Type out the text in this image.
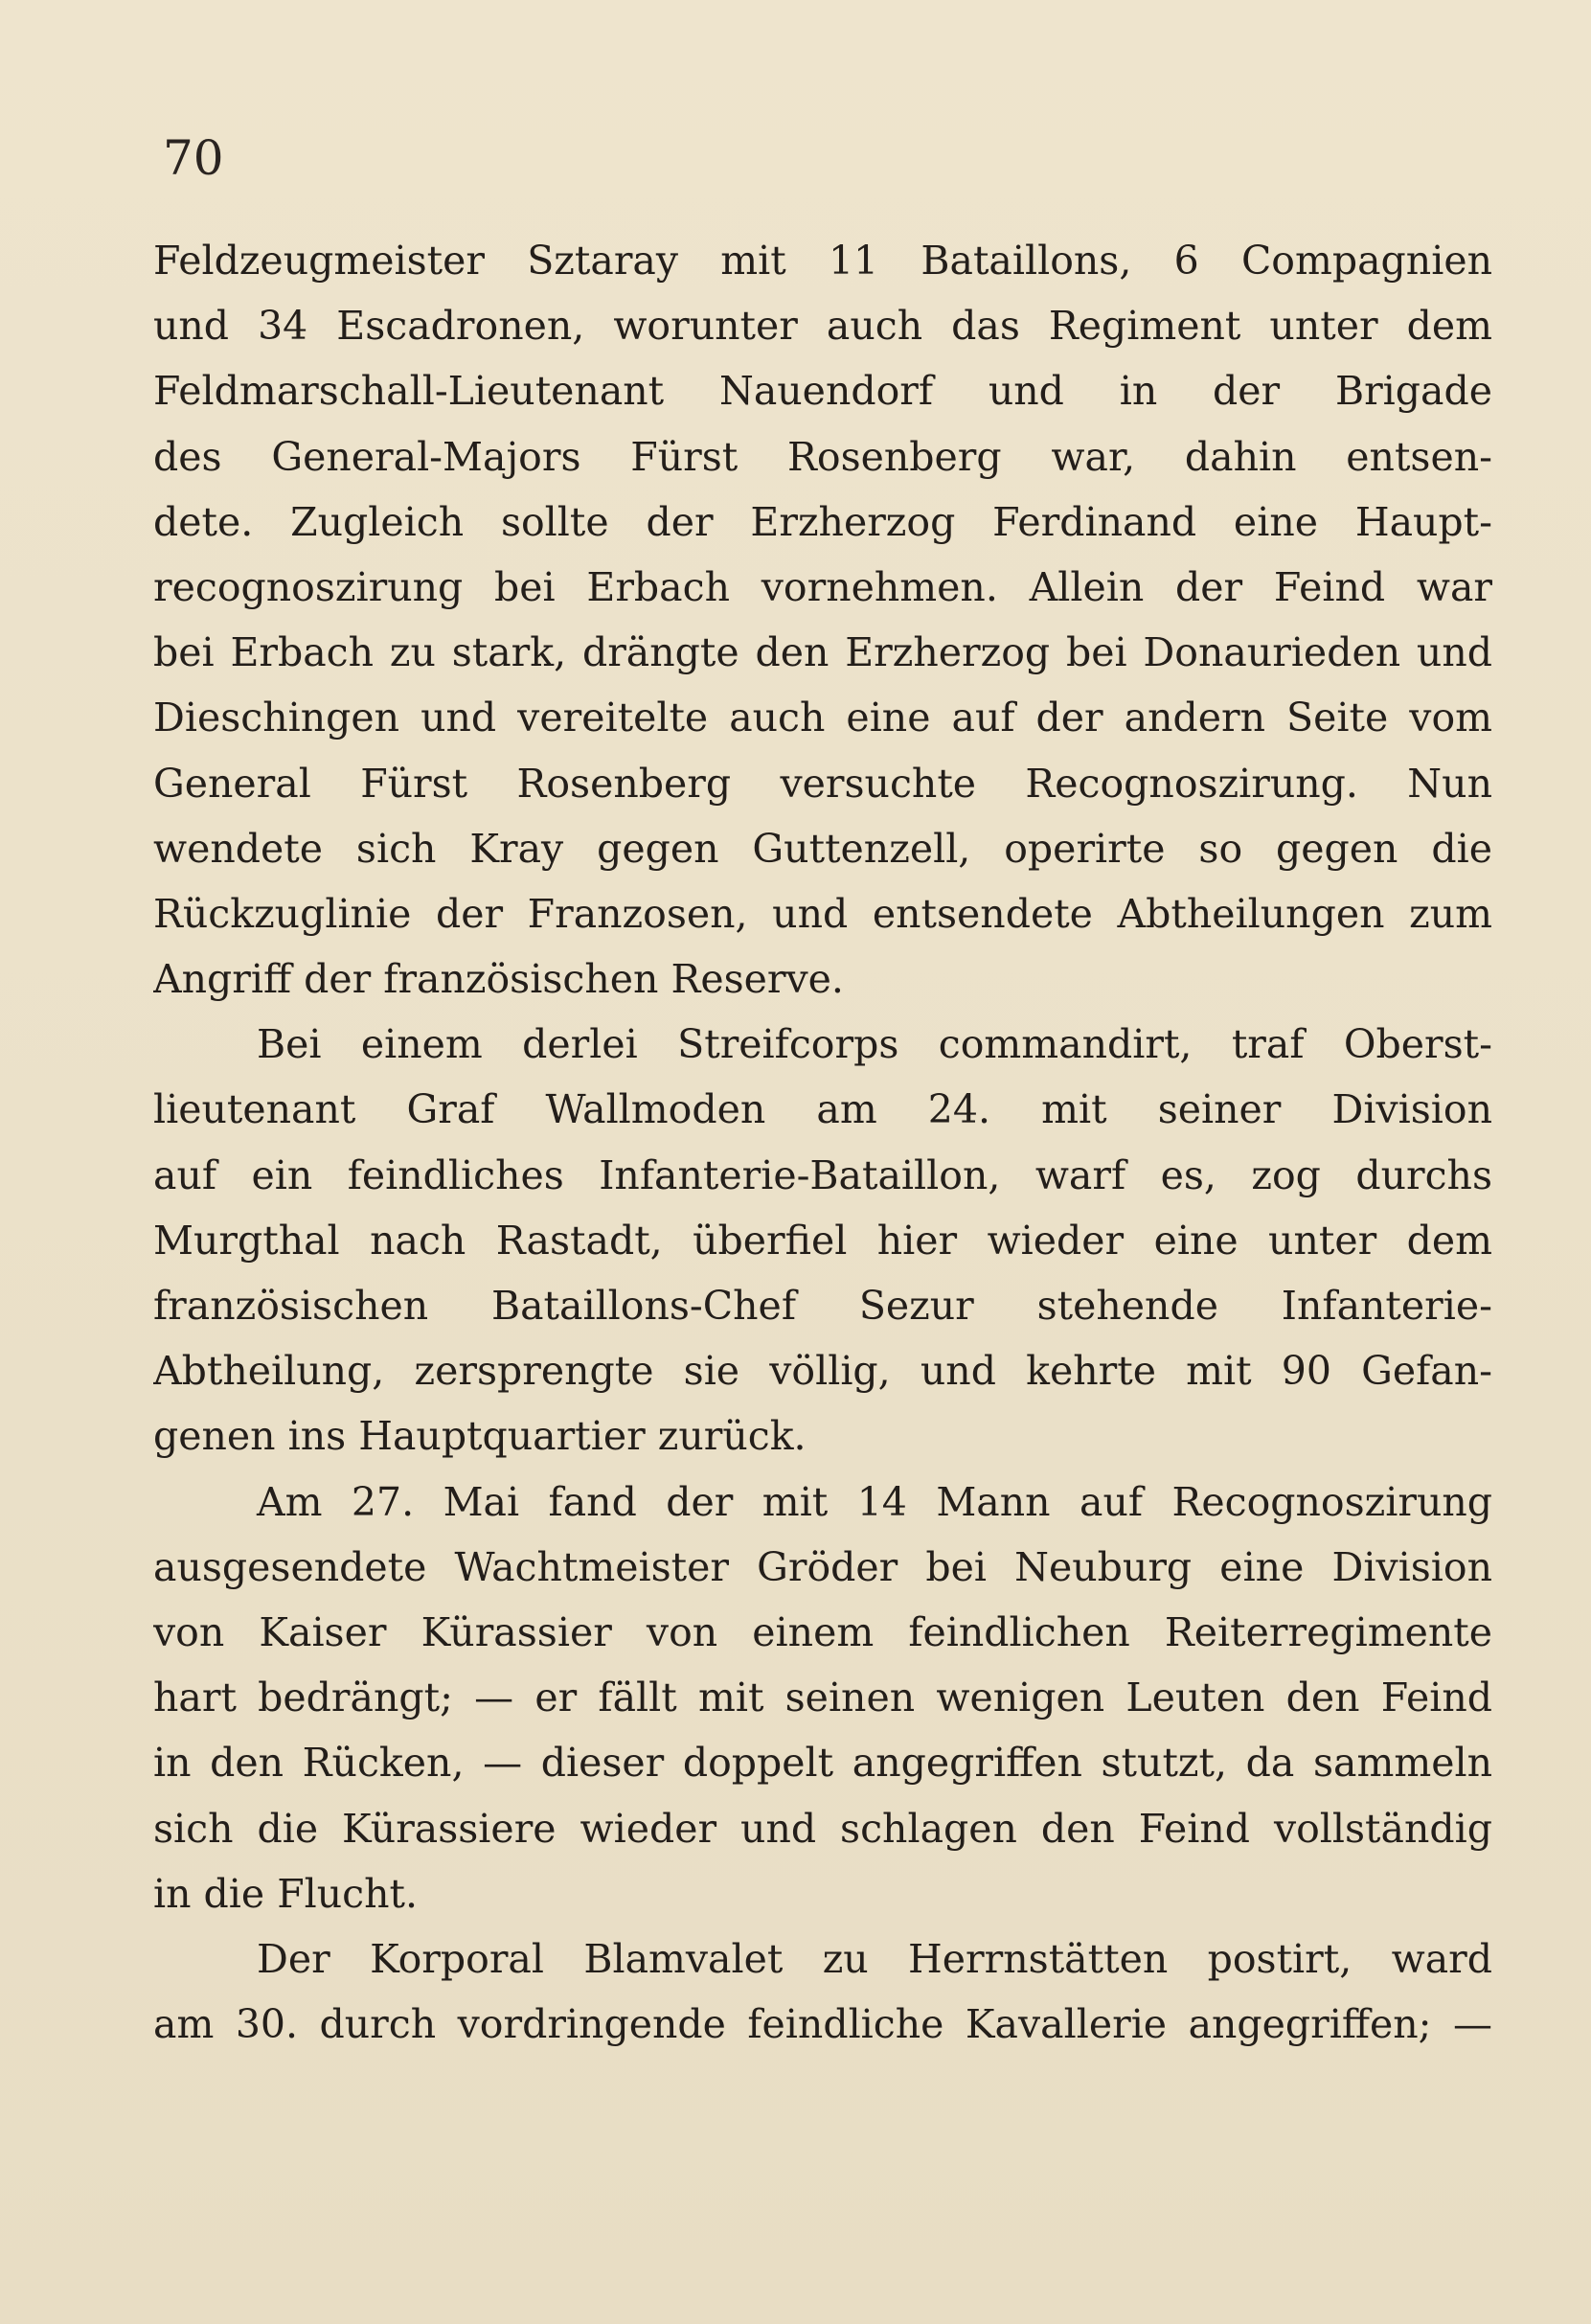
70
Feldzeugmeister Sztaray mit 11 Bataillons, 6 Compagnien
und 34 Escadronen, worunter auch das Regiment unter dem
Feldmarschall-Lieutenant Nauendorf und in der Brigade
des General-Majors Fürst Rosenberg war, dahin entsen-
dete. Zugleich sollte der Erzherzog Ferdinand eine Haupt-
recognoszirung bei Erbach vornehmen. Allein der Feind war
bei Erbach zu stark, drängte den Erzherzog bei Donaurieden und
Dieschingen und vereitelte auch eine auf der andern Seite vom
General Fürst Rosenberg versuchte Recognoszirung. Nun
wendete sich Kray gegen Guttenzell, operirte so gegen die
Rückzuglinie der Franzosen, und entsendete Abtheilungen zum
Angriff der französischen Reserve.
Bei einem derlei Streifcorps commandirt, traf Oberst-
lieutenant Graf Wallmoden am 24. mit seiner Division
auf ein feindliches Infanterie-Bataillon, warf es, zog durchs
Murgthal nach Rastadt, überfiel hier wieder eine unter dem
französischen Bataillons-Chef Sezur stehende Infanterie-
Abtheilung, zersprengte sie völlig, und kehrte mit 90 Gefan-
genen ins Hauptquartier zurück.
Am 27. Mai fand der mit 14 Mann auf Recognoszirung
ausgesendete Wachtmeister Gröder bei Neuburg eine Division
von Kaiser Kürassier von einem feindlichen Reiterregimente
hart bedrängt; — er fällt mit seinen wenigen Leuten den Feind
in den Rücken, — dieser doppelt angegriffen stutzt, da sammeln
sich die Kürassiere wieder und schlagen den Feind vollständig
in die Flucht.
Der Korporal Blamvalet zu Herrnstätten postirt, ward
am 30. durch vordringende feindliche Kavallerie angegriffen; —
